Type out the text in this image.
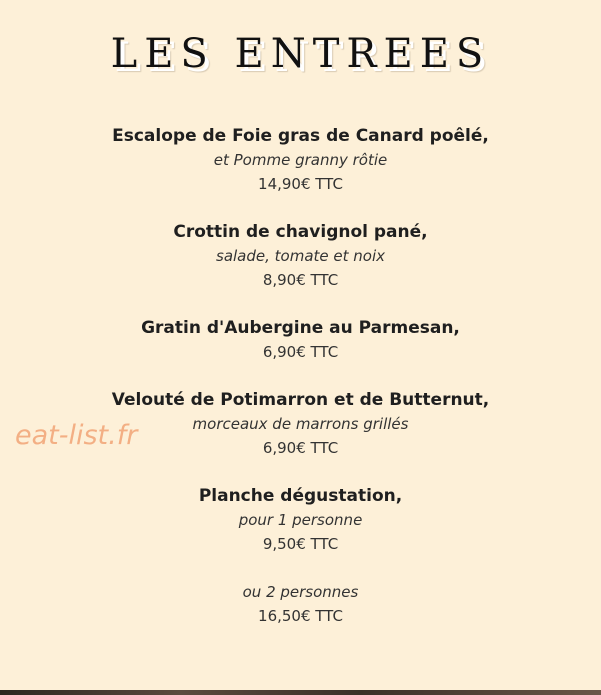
LES ENTREES
Escalope de Foie gras de Canard poêlé,
et Pomme granny rôtie
14,90€ TTC
Crottin de chavignol pané,
salade, tomate et noix
8,90€ TTC
Gratin d'Aubergine au Parmesan,
6,90€ TTC
Velouté de Potimarron et de Butternut,
morceaux de marrons grillés
6,90€ TTC
Planche dégustation,
pour 1 personne
9,50€ TTC
ou 2 personnes
16,50€ TTC
eat-list.fr
